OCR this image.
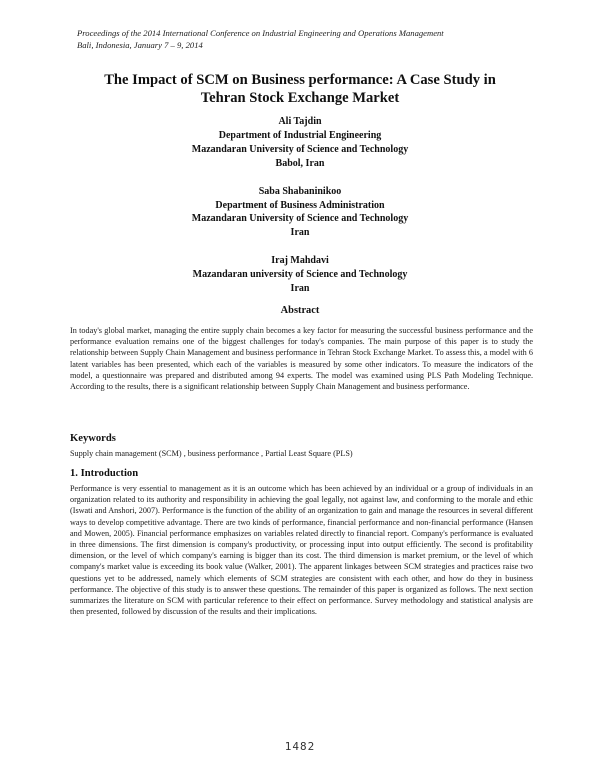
Proceedings of the 2014 International Conference on Industrial Engineering and Operations Management
Bali, Indonesia, January 7 – 9, 2014
The Impact of SCM on Business performance: A Case Study in
Tehran Stock Exchange Market
Ali Tajdin
Department of Industrial Engineering
Mazandaran University of Science and Technology
Babol, Iran
Saba Shabaninikoo
Department of Business Administration
Mazandaran University of Science and Technology
Iran
Iraj Mahdavi
Mazandaran university of Science and Technology
Iran
Abstract
In today's global market, managing the entire supply chain becomes a key factor for measuring the successful business performance and the performance evaluation remains one of the biggest challenges for today's companies. The main purpose of this paper is to study the relationship between Supply Chain Management and business performance in Tehran Stock Exchange Market. To assess this, a model with 6 latent variables has been presented, which each of the variables is measured by some other indicators. To measure the indicators of the model, a questionnaire was prepared and distributed among 94 experts. The model was examined using PLS Path Modeling Technique. According to the results, there is a significant relationship between Supply Chain Management and business performance.
Keywords
Supply chain management (SCM) , business performance , Partial Least Square (PLS)
1. Introduction
Performance is very essential to management as it is an outcome which has been achieved by an individual or a group of individuals in an organization related to its authority and responsibility in achieving the goal legally, not against law, and conforming to the morale and ethic (Iswati and Anshori, 2007). Performance is the function of the ability of an organization to gain and manage the resources in several different ways to develop competitive advantage. There are two kinds of performance, financial performance and non-financial performance (Hansen and Mowen, 2005). Financial performance emphasizes on variables related directly to financial report. Company's performance is evaluated in three dimensions. The first dimension is company's productivity, or processing input into output efficiently. The second is profitability dimension, or the level of which company's earning is bigger than its cost. The third dimension is market premium, or the level of which company's market value is exceeding its book value (Walker, 2001). The apparent linkages between SCM strategies and practices raise two questions yet to be addressed, namely which elements of SCM strategies are consistent with each other, and how do they in business performance. The objective of this study is to answer these questions. The remainder of this paper is organized as follows. The next section summarizes the literature on SCM with particular reference to their effect on performance. Survey methodology and statistical analysis are then presented, followed by discussion of the results and their implications.
1482
